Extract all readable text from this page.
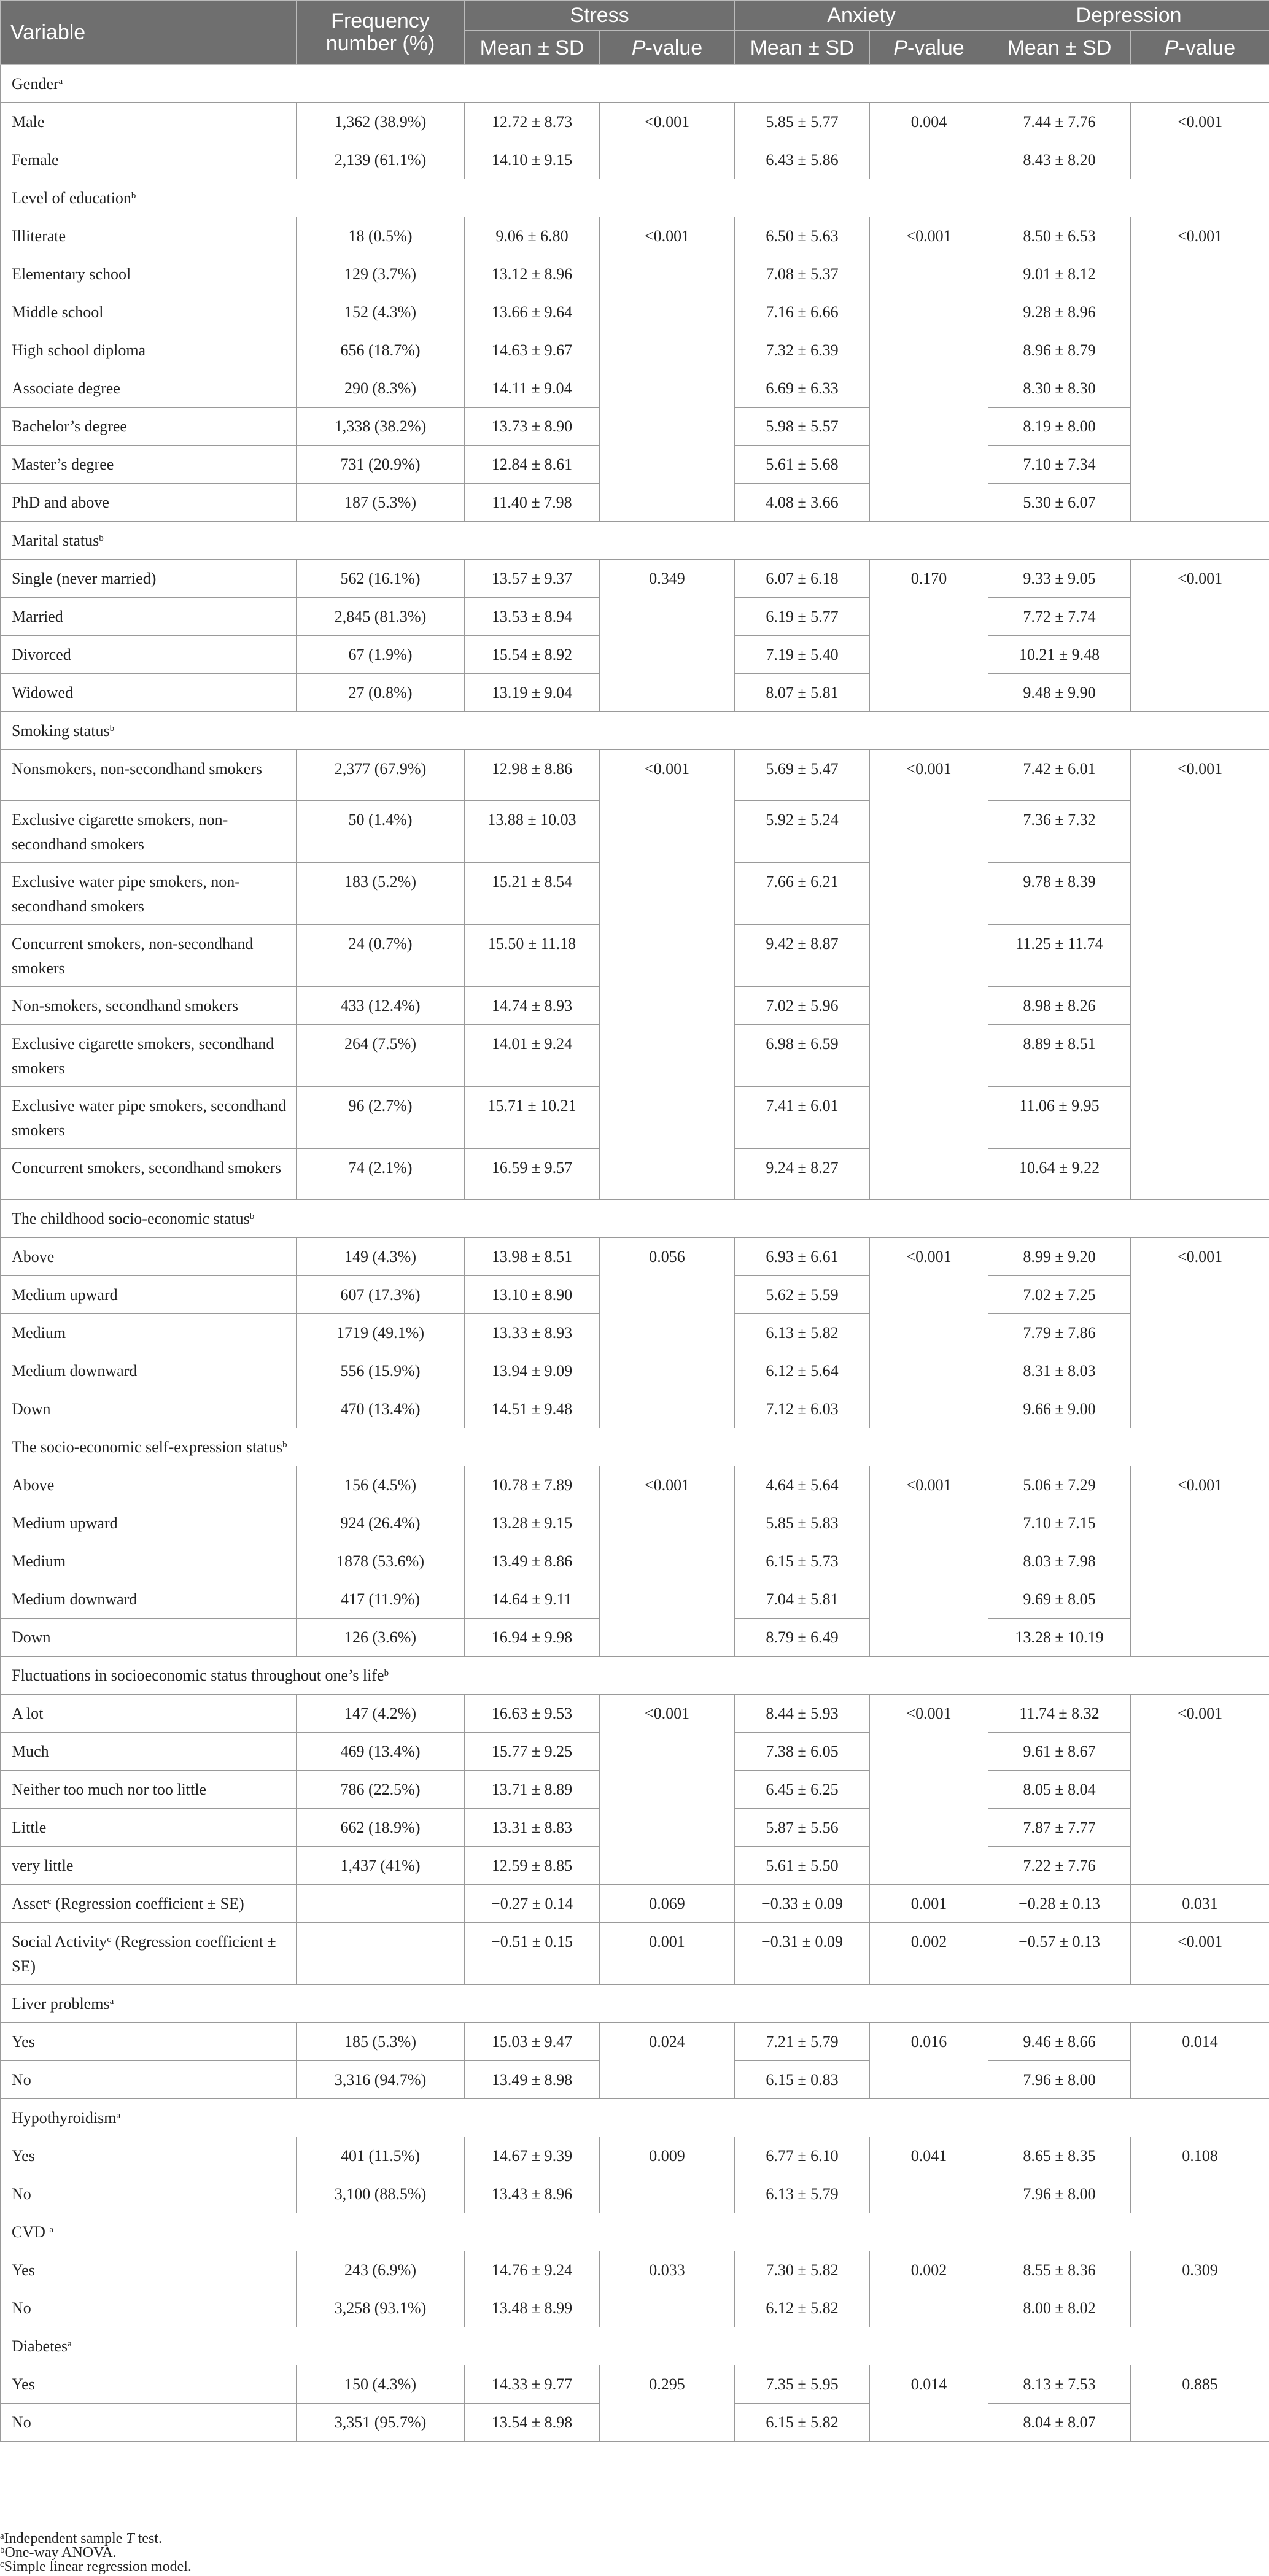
Variable	Frequency number (%)	Stress		Anxiety		Depression	
		Mean ± SD	P-value	Mean ± SD	P-value	Mean ± SD	P-value
Gender$^a$
Male	1,362 (38.9%)	12.72 ± 8.73	<0.001	5.85 ± 5.77	0.004	7.44 ± 7.76	<0.001
Female	2,139 (61.1%)	14.10 ± 9.15		6.43 ± 5.86		8.43 ± 8.20	
Level of education$^b$
Illiterate	18 (0.5%)	9.06 ± 6.80	<0.001	6.50 ± 5.63	<0.001	8.50 ± 6.53	<0.001
Elementary school	129 (3.7%)	13.12 ± 8.96		7.08 ± 5.37		9.01 ± 8.12	
Middle school	152 (4.3%)	13.66 ± 9.64		7.16 ± 6.66		9.28 ± 8.96	
High school diploma	656 (18.7%)	14.63 ± 9.67		7.32 ± 6.39		8.96 ± 8.79	
Associate degree	290 (8.3%)	14.11 ± 9.04		6.69 ± 6.33		8.30 ± 8.30	
Bachelor’s degree	1,338 (38.2%)	13.73 ± 8.90		5.98 ± 5.57		8.19 ± 8.00	
Master’s degree	731 (20.9%)	12.84 ± 8.61		5.61 ± 5.68		7.10 ± 7.34	
PhD and above	187 (5.3%)	11.40 ± 7.98		4.08 ± 3.66		5.30 ± 6.07	
Marital status$^b$
Single (never married)	562 (16.1%)	13.57 ± 9.37	0.349	6.07 ± 6.18	0.170	9.33 ± 9.05	<0.001
Married	2,845 (81.3%)	13.53 ± 8.94		6.19 ± 5.77		7.72 ± 7.74	
Divorced	67 (1.9%)	15.54 ± 8.92		7.19 ± 5.40		10.21 ± 9.48	
Widowed	27 (0.8%)	13.19 ± 9.04		8.07 ± 5.81		9.48 ± 9.90	
Smoking status$^b$
Nonsmokers, non-secondhand smokers	2,377 (67.9%)	12.98 ± 8.86	<0.001	5.69 ± 5.47	<0.001	7.42 ± 6.01	<0.001
Exclusive cigarette smokers, non-secondhand smokers	50 (1.4%)	13.88 ± 10.03		5.92 ± 5.24		7.36 ± 7.32	
Exclusive water pipe smokers, non-secondhand smokers	183 (5.2%)	15.21 ± 8.54		7.66 ± 6.21		9.78 ± 8.39	
Concurrent smokers, non-secondhand smokers	24 (0.7%)	15.50 ± 11.18		9.42 ± 8.87		11.25 ± 11.74	
Non-smokers, secondhand smokers	433 (12.4%)	14.74 ± 8.93		7.02 ± 5.96		8.98 ± 8.26	
Exclusive cigarette smokers, secondhand smokers	264 (7.5%)	14.01 ± 9.24		6.98 ± 6.59		8.89 ± 8.51	
Exclusive water pipe smokers, secondhand smokers	96 (2.7%)	15.71 ± 10.21		7.41 ± 6.01		11.06 ± 9.95	
Concurrent smokers, secondhand smokers	74 (2.1%)	16.59 ± 9.57		9.24 ± 8.27		10.64 ± 9.22	
The childhood socio-economic status$^b$
Above	149 (4.3%)	13.98 ± 8.51	0.056	6.93 ± 6.61	<0.001	8.99 ± 9.20	<0.001
Medium upward	607 (17.3%)	13.10 ± 8.90		5.62 ± 5.59		7.02 ± 7.25	
Medium	1719 (49.1%)	13.33 ± 8.93		6.13 ± 5.82		7.79 ± 7.86	
Medium downward	556 (15.9%)	13.94 ± 9.09		6.12 ± 5.64		8.31 ± 8.03	
Down	470 (13.4%)	14.51 ± 9.48		7.12 ± 6.03		9.66 ± 9.00	
The socio-economic self-expression status$^b$
Above	156 (4.5%)	10.78 ± 7.89	<0.001	4.64 ± 5.64	<0.001	5.06 ± 7.29	<0.001
Medium upward	924 (26.4%)	13.28 ± 9.15		5.85 ± 5.83		7.10 ± 7.15	
Medium	1878 (53.6%)	13.49 ± 8.86		6.15 ± 5.73		8.03 ± 7.98	
Medium downward	417 (11.9%)	14.64 ± 9.11		7.04 ± 5.81		9.69 ± 8.05	
Down	126 (3.6%)	16.94 ± 9.98		8.79 ± 6.49		13.28 ± 10.19	
Fluctuations in socioeconomic status throughout one’s life$^b$
A lot	147 (4.2%)	16.63 ± 9.53	<0.001	8.44 ± 5.93	<0.001	11.74 ± 8.32	<0.001
Much	469 (13.4%)	15.77 ± 9.25		7.38 ± 6.05		9.61 ± 8.67	
Neither too much nor too little	786 (22.5%)	13.71 ± 8.89		6.45 ± 6.25		8.05 ± 8.04	
Little	662 (18.9%)	13.31 ± 8.83		5.87 ± 5.56		7.87 ± 7.77	
very little	1,437 (41%)	12.59 ± 8.85		5.61 ± 5.50		7.22 ± 7.76	
Asset$^c$ (Regression coefficient ± SE)		−0.27 ± 0.14	0.069	−0.33 ± 0.09	0.001	−0.28 ± 0.13	0.031
Social Activity$^c$ (Regression coefficient ± SE)		−0.51 ± 0.15	0.001	−0.31 ± 0.09	0.002	−0.57 ± 0.13	<0.001
Liver problems$^a$
Yes	185 (5.3%)	15.03 ± 9.47	0.024	7.21 ± 5.79	0.016	9.46 ± 8.66	0.014
No	3,316 (94.7%)	13.49 ± 8.98		6.15 ± 0.83		7.96 ± 8.00	
Hypothyroidism$^a$
Yes	401 (11.5%)	14.67 ± 9.39	0.009	6.77 ± 6.10	0.041	8.65 ± 8.35	0.108
No	3,100 (88.5%)	13.43 ± 8.96		6.13 ± 5.79		7.96 ± 8.00	
CVD $^a$
Yes	243 (6.9%)	14.76 ± 9.24	0.033	7.30 ± 5.82	0.002	8.55 ± 8.36	0.309
No	3,258 (93.1%)	13.48 ± 8.99		6.12 ± 5.82		8.00 ± 8.02	
Diabetes$^a$
Yes	150 (4.3%)	14.33 ± 9.77	0.295	7.35 ± 5.95	0.014	8.13 ± 7.53	0.885
No	3,351 (95.7%)	13.54 ± 8.98		6.15 ± 5.82		8.04 ± 8.07	
$^a$Independent sample T test.
$^b$One-way ANOVA.
$^c$Simple linear regression model.
